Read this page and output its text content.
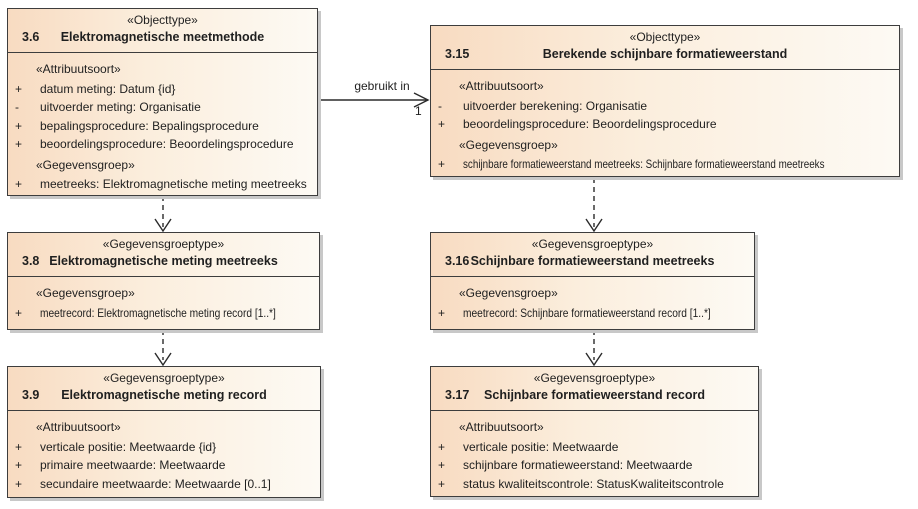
gebruikt in
1
«Objecttype»
3.6 Elektromagnetische meetmethode
«Attribuutsoort»
+	datum meting: Datum {id}
-	uitvoerder meting: Organisatie
+	bepalingsprocedure: Bepalingsprocedure
+	beoordelingsprocedure: Beoordelingsprocedure
«Gegevensgroep»
+	meetreeks: Elektromagnetische meting meetreeks
«Objecttype»
3.15	Berekende schijnbare formatieweerstand
«Attribuutsoort»
-	uitvoerder berekening: Organisatie
+	beoordelingsprocedure: Beoordelingsprocedure
«Gegevensgroep»
+	schijnbare formatieweerstand meetreeks: Schijnbare formatieweerstand meetreeks
«Gegevensgroeptype»
3.8 Elektromagnetische meting meetreeks
«Gegevensgroep»
+	meetrecord: Elektromagnetische meting record [1..*]
«Gegevensgroeptype»
3.16 Schijnbare formatieweerstand meetreeks
«Gegevensgroep»
+	meetrecord: Schijnbare formatieweerstand record [1..*]
«Gegevensgroeptype»
3.9 Elektromagnetische meting record
«Attribuutsoort»
+	verticale positie: Meetwaarde {id}
+	primaire meetwaarde: Meetwaarde
+	secundaire meetwaarde: Meetwaarde [0..1]
«Gegevensgroeptype»
3.17 Schijnbare formatieweerstand record
«Attribuutsoort»
+	verticale positie: Meetwaarde
+	schijnbare formatieweerstand: Meetwaarde
+	status kwaliteitscontrole: StatusKwaliteitscontrole
